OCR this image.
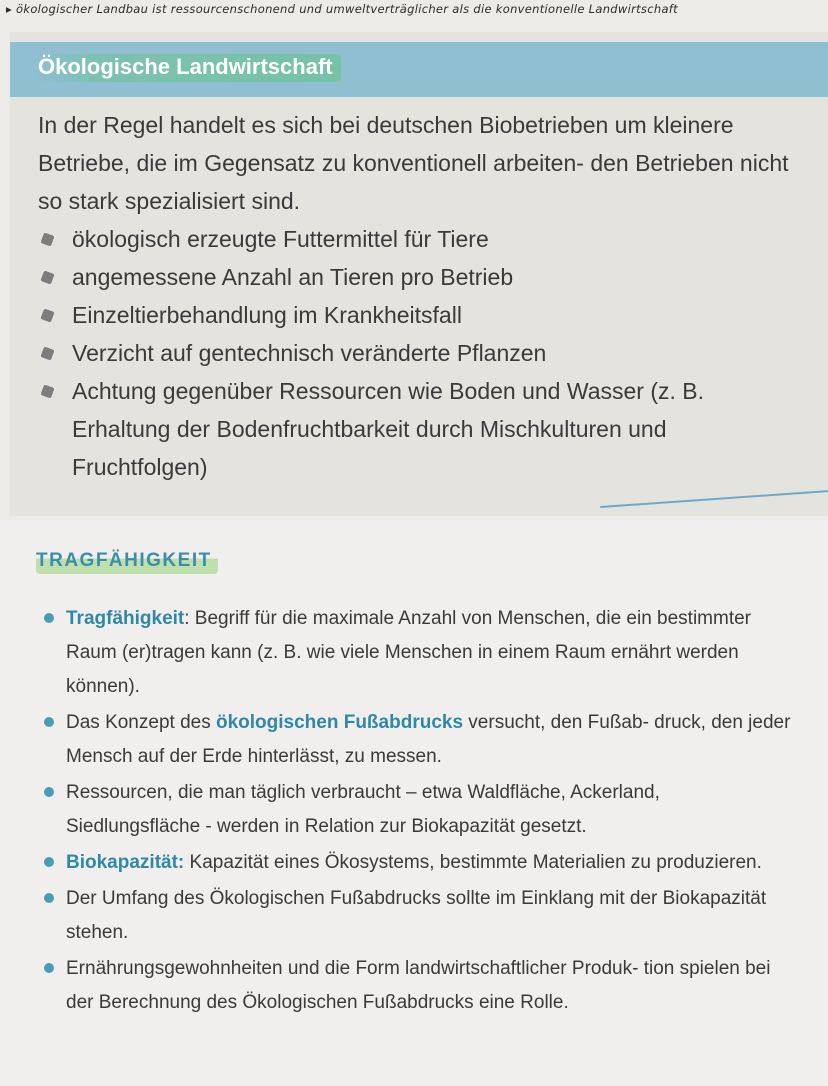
▸ ökologischer Landbau ist ressourcenschonend und umweltverträglicher als die konventionelle Landwirtschaft
Ökologische Landwirtschaft

In der Regel handelt es sich bei deutschen Biobetrieben um kleinere Betriebe, die im Gegensatz zu konventionell arbeiten- den Betrieben nicht so stark spezialisiert sind.

ökologisch erzeugte Futtermittel für Tiere
angemessene Anzahl an Tieren pro Betrieb
Einzeltierbehandlung im Krankheitsfall
Verzicht auf gentechnisch veränderte Pflanzen
Achtung gegenüber Ressourcen wie Boden und Wasser (z. B. Erhaltung der Bodenfruchtbarkeit durch Mischkulturen und Fruchtfolgen)
TRAGFÄHIGKEIT
Tragfähigkeit: Begriff für die maximale Anzahl von Menschen, die ein bestimmter Raum (er)tragen kann (z. B. wie viele Menschen in einem Raum ernährt werden können).
Das Konzept des ökologischen Fußabdrucks versucht, den Fußab- druck, den jeder Mensch auf der Erde hinterlässt, zu messen.
Ressourcen, die man täglich verbraucht – etwa Waldfläche, Ackerland, Siedlungsfläche - werden in Relation zur Biokapazität gesetzt.
Biokapazität: Kapazität eines Ökosystems, bestimmte Materialien zu produzieren.
Der Umfang des Ökologischen Fußabdrucks sollte im Einklang mit der Biokapazität stehen.
Ernährungsgewohnheiten und die Form landwirtschaftlicher Produk- tion spielen bei der Berechnung des Ökologischen Fußabdrucks eine Rolle.
